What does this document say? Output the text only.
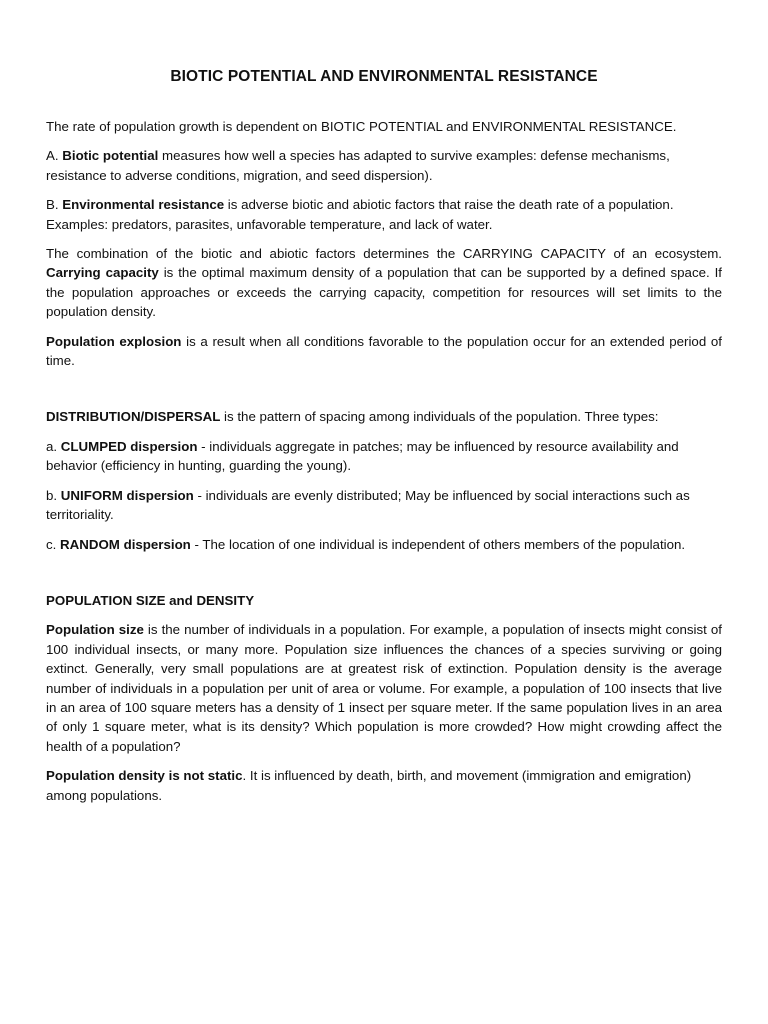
BIOTIC POTENTIAL AND ENVIRONMENTAL RESISTANCE

The rate of population growth is dependent on BIOTIC POTENTIAL and ENVIRONMENTAL RESISTANCE.

A. Biotic potential measures how well a species has adapted to survive examples: defense mechanisms, resistance to adverse conditions, migration, and seed dispersion).

B. Environmental resistance is adverse biotic and abiotic factors that raise the death rate of a population. Examples: predators, parasites, unfavorable temperature, and lack of water.

The combination of the biotic and abiotic factors determines the CARRYING CAPACITY of an ecosystem. Carrying capacity is the optimal maximum density of a population that can be supported by a defined space. If the population approaches or exceeds the carrying capacity, competition for resources will set limits to the population density.

Population explosion is a result when all conditions favorable to the population occur for an extended period of time.

DISTRIBUTION/DISPERSAL is the pattern of spacing among individuals of the population. Three types:

a. CLUMPED dispersion - individuals aggregate in patches; may be influenced by resource availability and behavior (efficiency in hunting, guarding the young).

b. UNIFORM dispersion - individuals are evenly distributed; May be influenced by social interactions such as territoriality.

c. RANDOM dispersion - The location of one individual is independent of others members of the population.

POPULATION SIZE and DENSITY

Population size is the number of individuals in a population. For example, a population of insects might consist of 100 individual insects, or many more. Population size influences the chances of a species surviving or going extinct. Generally, very small populations are at greatest risk of extinction. Population density is the average number of individuals in a population per unit of area or volume. For example, a population of 100 insects that live in an area of 100 square meters has a density of 1 insect per square meter. If the same population lives in an area of only 1 square meter, what is its density? Which population is more crowded? How might crowding affect the health of a population?

Population density is not static. It is influenced by death, birth, and movement (immigration and emigration) among populations.
